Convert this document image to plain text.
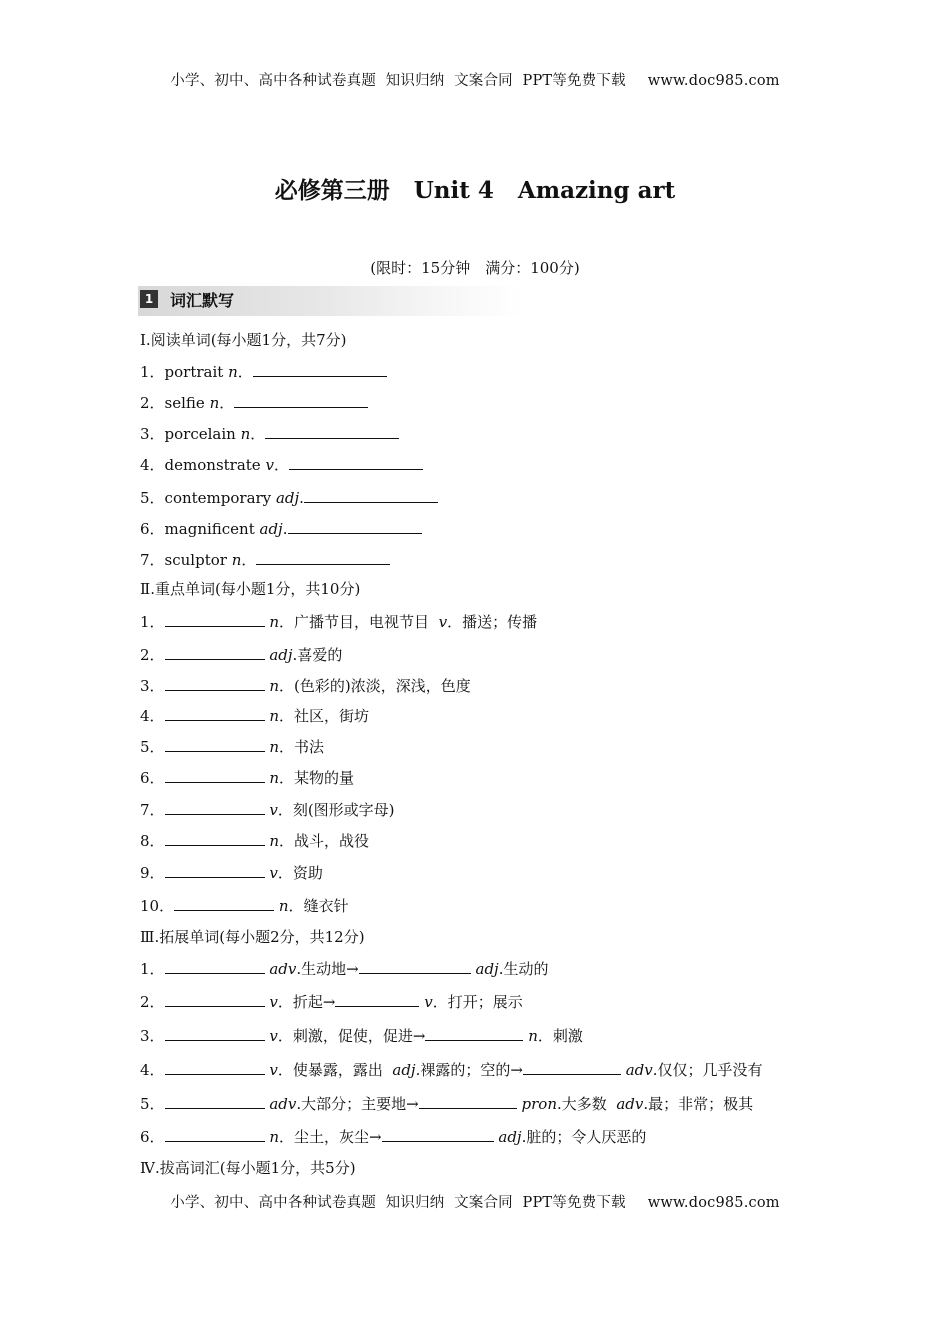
小学、初中、高中各种试卷真题  知识归纳  文案合同  PPT等免费下载 www.doc985.com
必修第三册 Unit 4 Amazing art
(限时：15分钟　满分：100分)
1	词汇默写
Ⅰ.阅读单词(每小题1分，共7分)
1．portrait n．
2．selfie n．
3．porcelain n．
4．demonstrate v．
5．contemporary adj.
6．magnificent adj.
7．sculptor n．
Ⅱ.重点单词(每小题1分，共10分)
1．	n．广播节目，电视节目 v．播送；传播
2．	adj.喜爱的
3．	n．(色彩的)浓淡，深浅，色度
4．	n．社区，街坊
5．	n．书法
6．	n．某物的量
7．	v．刻(图形或字母)
8．	n．战斗，战役
9．	v．资助
10．	n．缝衣针
Ⅲ.拓展单词(每小题2分，共12分)
1．	adv.生动地→	adj.生动的
2．	v．折起→	v．打开；展示
3．	v．刺激，促使，促进→	n．刺激
4．	v．使暴露，露出  adj.裸露的；空的→	adv.仅仅；几乎没有
5．	adv.大部分；主要地→	pron.大多数  adv.最；非常；极其
6．	n．尘土，灰尘→	adj.脏的；令人厌恶的
Ⅳ.拔高词汇(每小题1分，共5分)
小学、初中、高中各种试卷真题  知识归纳  文案合同  PPT等免费下载 www.doc985.com
